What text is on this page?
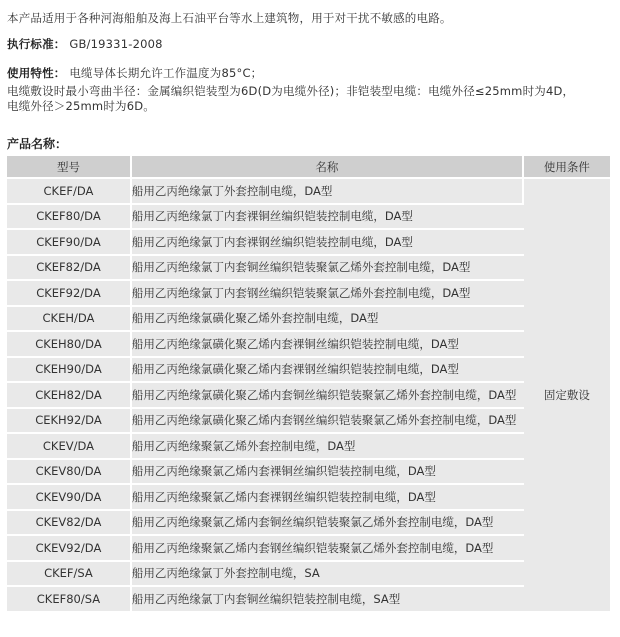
本产品适用于各种河海船舶及海上石油平台等水上建筑物，用于对干扰不敏感的电路。
执行标准： GB/19331-2008
使用特性： 电缆导体长期允许工作温度为85°C；
电缆敷设时最小弯曲半径：金属编织铠装型为6D(D为电缆外径)；非铠装型电缆：电缆外径≤25mm时为4D，
电缆外径＞25mm时为6D。
产品名称：
型号	名称	使用条件
CKEF/DA	船用乙丙绝缘氯丁外套控制电缆，DA型	固定敷设
CKEF80/DA	船用乙丙绝缘氯丁内套裸铜丝编织铠装控制电缆，DA型	
CKEF90/DA	船用乙丙绝缘氯丁内套裸钢丝编织铠装控制电缆，DA型	
CKEF82/DA	船用乙丙绝缘氯丁内套铜丝编织铠装聚氯乙烯外套控制电缆，DA型	
CKEF92/DA	船用乙丙绝缘氯丁内套钢丝编织铠装聚氯乙烯外套控制电缆，DA型	
CKEH/DA	船用乙丙绝缘氯磺化聚乙烯外套控制电缆，DA型	
CKEH80/DA	船用乙丙绝缘氯磺化聚乙烯内套裸铜丝编织铠装控制电缆，DA型	
CKEH90/DA	船用乙丙绝缘氯磺化聚乙烯内套裸钢丝编织铠装控制电缆，DA型	
CKEH82/DA	船用乙丙绝缘氯磺化聚乙烯内套铜丝编织铠装聚氯乙烯外套控制电缆，DA型	
CEKH92/DA	船用乙丙绝缘氯磺化聚乙烯内套钢丝编织铠装聚氯乙烯外套控制电缆，DA型	
CKEV/DA	船用乙丙绝缘聚氯乙烯外套控制电缆，DA型	
CKEV80/DA	船用乙丙绝缘聚氯乙烯内套裸铜丝编织铠装控制电缆，DA型	
CKEV90/DA	船用乙丙绝缘聚氯乙烯内套裸钢丝编织铠装控制电缆，DA型	
CKEV82/DA	船用乙丙绝缘聚氯乙烯内套铜丝编织铠装聚氯乙烯外套控制电缆，DA型	
CKEV92/DA	船用乙丙绝缘聚氯乙烯内套钢丝编织铠装聚氯乙烯外套控制电缆，DA型	
CKEF/SA	船用乙丙绝缘氯丁外套控制电缆，SA	
CKEF80/SA	船用乙丙绝缘氯丁内套铜丝编织铠装控制电缆，SA型	
